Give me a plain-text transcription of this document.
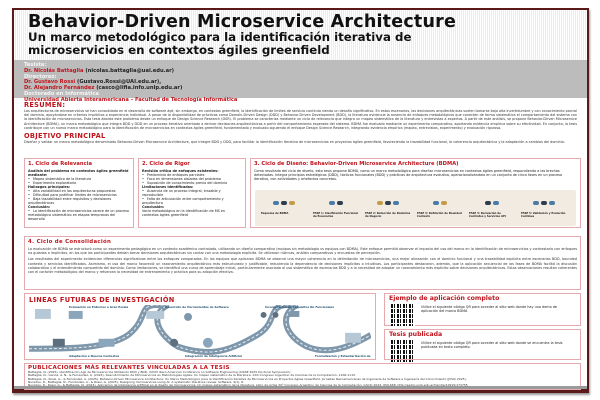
Behavior-Driven Microservice Architecture
Un marco metodológico para la identificación iterativa de
microservicios en contextos ágiles greenfield
Tesista:
Dr. Nicolás Battaglia (nicolas.battaglia@uai.edu.ar)
Directores:
Dr. Gustavo Rossi (Gustavo.Rossi@UAI.edu.ar),
Dr. Alejandro Fernández (casco@lifia.info.unlp.edu.ar)
Doctorado en Informática
Universidad Abierta Interamericana – Facultad de Tecnología Informática
RESUMEN:
Las arquitecturas de microservicios se han consolidado en el desarrollo de software ágil; sin embargo, en contextos greenfield, la identificación de límites de servicio continúa siendo un desafío significativo. En estos escenarios, las decisiones arquitectónicas suelen tomarse bajo alta incertidumbre y con conocimiento parcial del dominio, apoyándose en criterios implícitos o experiencia individual. A pesar de la disponibilidad de prácticas como Domain-Driven Design (DDD) y Behavior-Driven Development (BDD), la literatura evidencia la ausencia de enfoques metodológicos que conecten de forma sistemática el comportamiento del sistema con la identificación de microservicios. Esta tesis aborda este problema desde un enfoque de Design Science Research (DSR). El problema se caracteriza mediante un ciclo de relevancia que integra un mapeo sistemático de la literatura y entrevistas a expertos. A partir de este análisis, se propone Behavior-Driven Microservice Architecture (BDMA), un marco metodológico que integra BDD y DDD en un proceso iterativo orientado a derivar decisiones arquitectónicas a partir del comportamiento esperado del sistema. BDMA fue evaluado mediante un experimento comparativo, aportando evidencia empírica sobre su efectividad. En conjunto, la tesis contribuye con un nuevo marco metodológico para la identificación de microservicios en contextos ágiles greenfield, fundamentado y evaluado siguiendo el enfoque Design Science Research, integrando evidencia empírica (mapeo, entrevistas, experimento) y evaluación rigurosa.
OBJETIVO PRINCIPAL
Diseñar y validar un marco metodológico denominado Behavior-Driven Microservice Architecture, que integre BDD y DDD, para facilitar la identificación iterativa de microservicios en proyectos ágiles greenfield, favoreciendo la trazabilidad funcional, la coherencia arquitectónica y la adaptación a cambios del dominio.
1. Ciclo de Relevancia
Análisis del problema en contextos ágiles greenfield mediante:
• Mapeo sistemático de la literatura
• Experimento exploratorio
Hallazgos principales:
• Alta variabilidad en las arquitecturas propuestas
• Dificultad para justificar límites de microservicios
• Baja trazabilidad entre requisitos y decisiones arquitectónicas
Conclusión:
• La identificación de microservicios carece de un proceso metodológico sistemático en etapas tempranas del desarrollo
2. Ciclo de Rigor
Revisión crítica de enfoques existentes:
• Predominio de enfoques parciales
• Foco en dimensiones aisladas del problema
• Suposición de conocimiento previo del dominio
Limitaciones identificadas:
• Ausencia de un proceso integral, trazable y reproducible
• Falta de articulación entre comportamiento y arquitectura
Conclusión:
Vacío metodológico en la identificación de MS en contextos ágiles greenfield
3. Ciclo de Diseño: Behavior-Driven Microservice Architecture (BDMA)
Como resultado del ciclo de diseño, esta tesis propone BDMA, como un marco metodológico para diseñar microservicios en contextos ágiles greenfield, respondiendo a las brechas detectadas. Integra principios estratégicos (DDD), tácticas funcionales (BDD) y prácticas de arquitectura evolutiva, operacionalizándolo en un conjunto de cinco fases en un proceso iterativo, con actividades y artefactos concretos.
Esquema de BDMA	FASE 1: Clasificación Funcional de Escenarios
FASE 2: Detección de Dominios de Negocio
FASE 3: Definición de Bounded Contexts
FASE 4: Derivación de Contratos y Servicios API
FASE 5: Validación y Evolución Continua
4. Ciclo de Consolidación
La evaluación de BDMA se estructuró como un experimento pedagógico en un contexto académico controlado, utilizando un diseño comparativo (equipos sin metodología vs equipos con BDMA). Este enfoque permitió observar el impacto del uso del marco en la identificación de microservicios y contrastarlo con enfoques no guiados o implícitos, en los que los participantes debían tomar decisiones arquitectónicas sin contar con una metodología explícita. Se utilizaron rúbricas, análisis comparativos y encuestas de percepción.
Los resultados del experimento evidencian diferencias significativas entre los enfoques comparados. En los equipos que aplicaron BDMA se observó una mayor coherencia en la delimitación de microservicios, una mejor alineación con el dominio funcional y una trazabilidad explícita entre escenarios BDD, bounded contexts y servicios identificados. Asimismo, el uso del marco favoreció un razonamiento arquitectónico más estructurado y justificable, reduciendo la dependencia de decisiones implícitas o intuitivas. Los participantes destacaron, además, que la aplicación secuencial de las fases de BDMA facilitó la discusión colaborativa y el entendimiento compartido del dominio. Como limitaciones, se identificó una curva de aprendizaje inicial, particularmente asociada al uso sistemático de escenarios BDD y a la necesidad de adoptar un razonamiento más explícito sobre decisiones arquitectónicas. Estas observaciones resultan coherentes con el carácter metodológico del marco y refuerzan la necesidad de entrenamiento y práctica para su adopción efectiva.
LINEAS FUTURAS DE INVESTIGACIÓN
Evaluación en Entornos a Gran Escala
Adaptación a Nuevos Contextos
Desarrollo de Herramientas de Software
Integración de Inteligencia Artificial
Incorporación de Requisitos No Funcionales
Formalización y Estandarización de
Ejemplo de aplicación completo
Utilice el siguiente código QR para acceder al sitio web donde hay una demo de aplicación del marco BDMA
Tesis publicada
Utilice el siguiente código QR para acceder al sitio web donde se encuentra la tesis publicada en texto completo.
PUBLICACIONES MÁS RELEVANTES VINCULADAS A LA TESIS
Battaglia, N. (2025). Identificación Ágil de Microservicios Utilizando DDD y BDD. XXVIII Ibero-American Conference on Software Engineering (CIbSE 2025 Doctoral Symposium).
Battaglia, N., Garcia, A. N., & Fernández, A. (2024). Descubrimiento de Microservicios en Metodologías Ágiles: Un mapeo sistemático de la literatura. XXX Congreso Argentino de Ciencias de la Computación, 1106-1115.
Battaglia, N., Rossi, G., & Fernández, A. (2025). Behavior-Driven Microservice Architecture: Un Marco Metodológico para la Identificación Iterativa de Microservicios en Proyectos Ágiles Greenfield. Jornadas Iberoamericanas de Ingeniería de Software e Ingeniería del Conocimiento (JIISIC 2025).
Nuredau, D., Battaglia, N., Fernández, A., & Rossi, G. (2025). Designing microservices using AI: A systematic literature review. Software, 4(1), 6.
